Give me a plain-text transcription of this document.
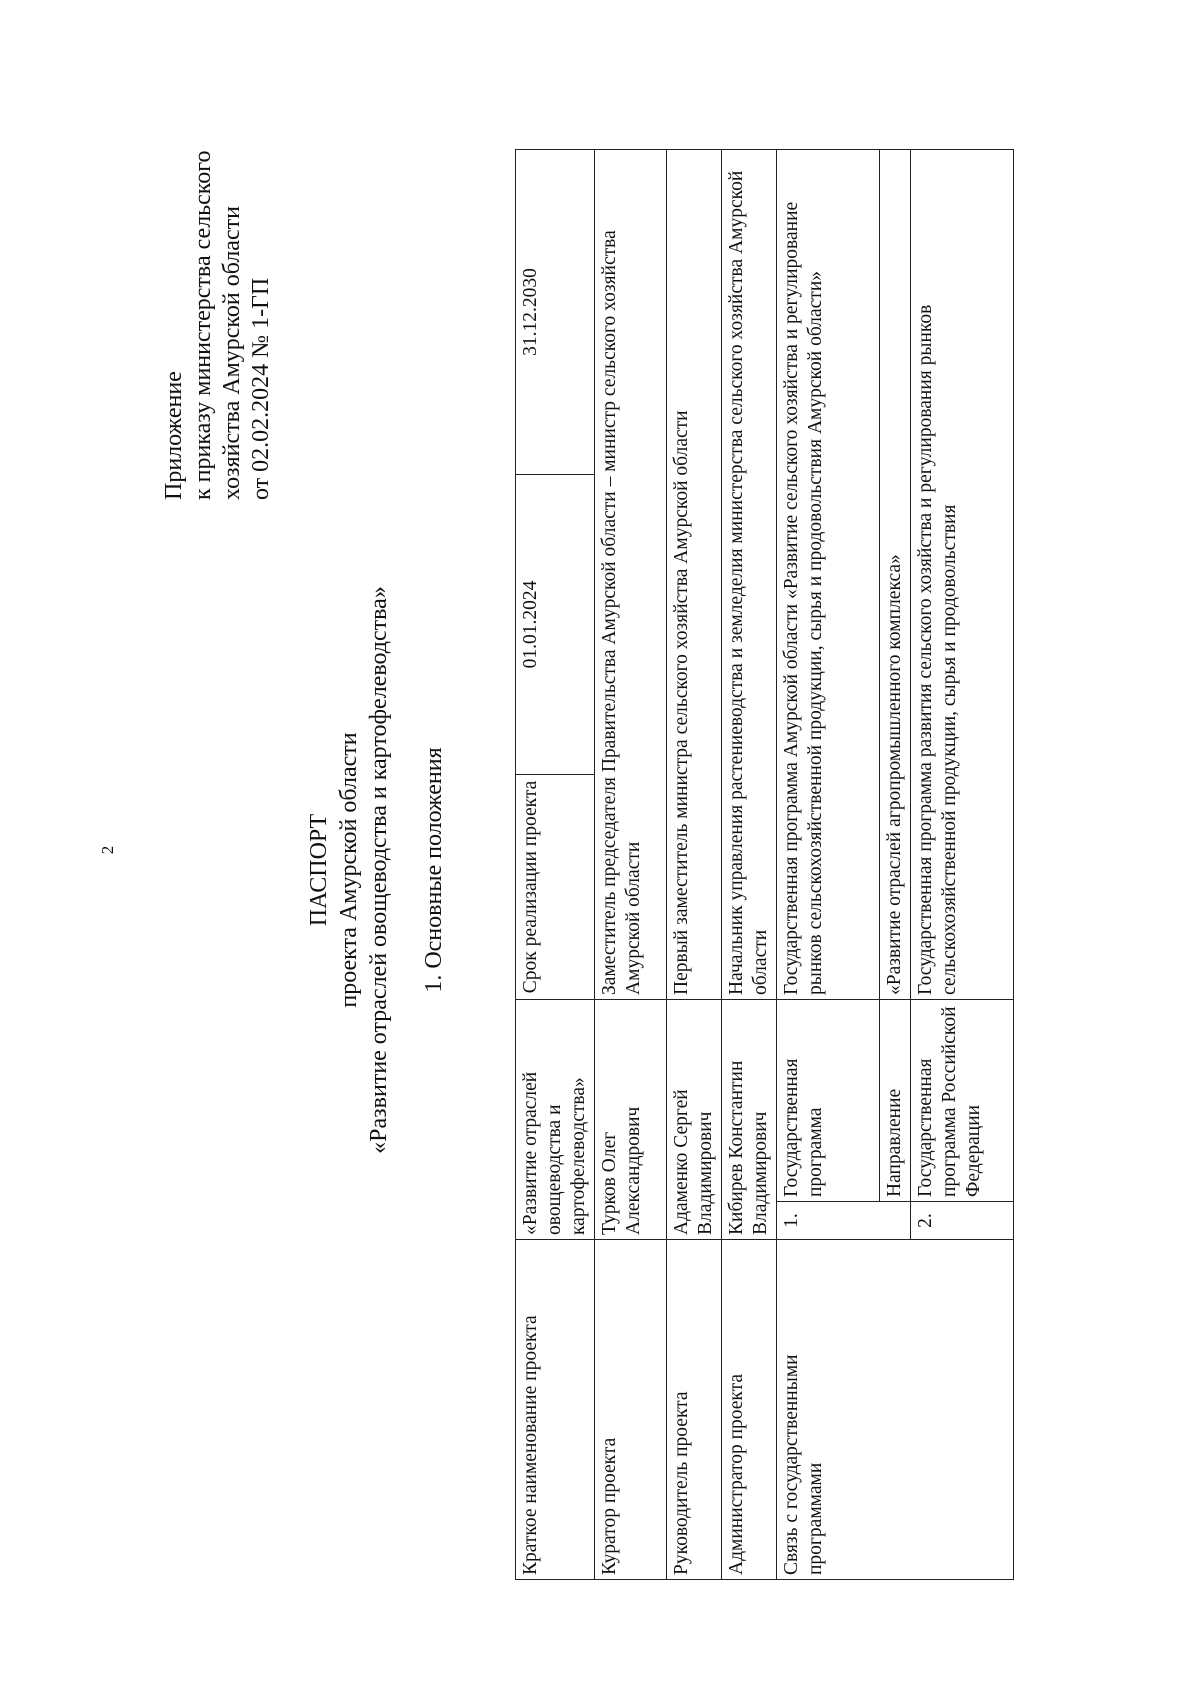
2
Приложение к приказу министерства сельского хозяйства Амурской области от 02.02.2024 № 1-ГП
ПАСПОРТ проекта Амурской области «Развитие отраслей овощеводства и картофелеводства» 1. Основные положения
Краткое наименование проекта	«Развитие отраслей овощеводства и картофелеводства»		Срок реализации проекта	01.01.2024	31.12.2030
Куратор проекта	Турков Олег Александрович		Заместитель председателя Правительства Амурской области – министр сельского хозяйства Амурской области		
Руководитель проекта	Адаменко Сергей Владимирович		Первый заместитель министра сельского хозяйства Амурской области		
Администратор проекта	Кибирев Константин Владимирович		Начальник управления растениеводства и земледелия министерства сельского хозяйства Амурской области		
Связь с государственными программами	1.	Государственная программа	Государственная программа Амурской области «Развитие сельского хозяйства и регулирование рынков сельскохозяйственной продукции, сырья и продовольствия Амурской области»		
		Направление	«Развитие отраслей агропромышленного комплекса»		
	2.	Государственная программа Российской Федерации	Государственная программа развития сельского хозяйства и регулирования рынков сельскохозяйственной продукции, сырья и продовольствия		
